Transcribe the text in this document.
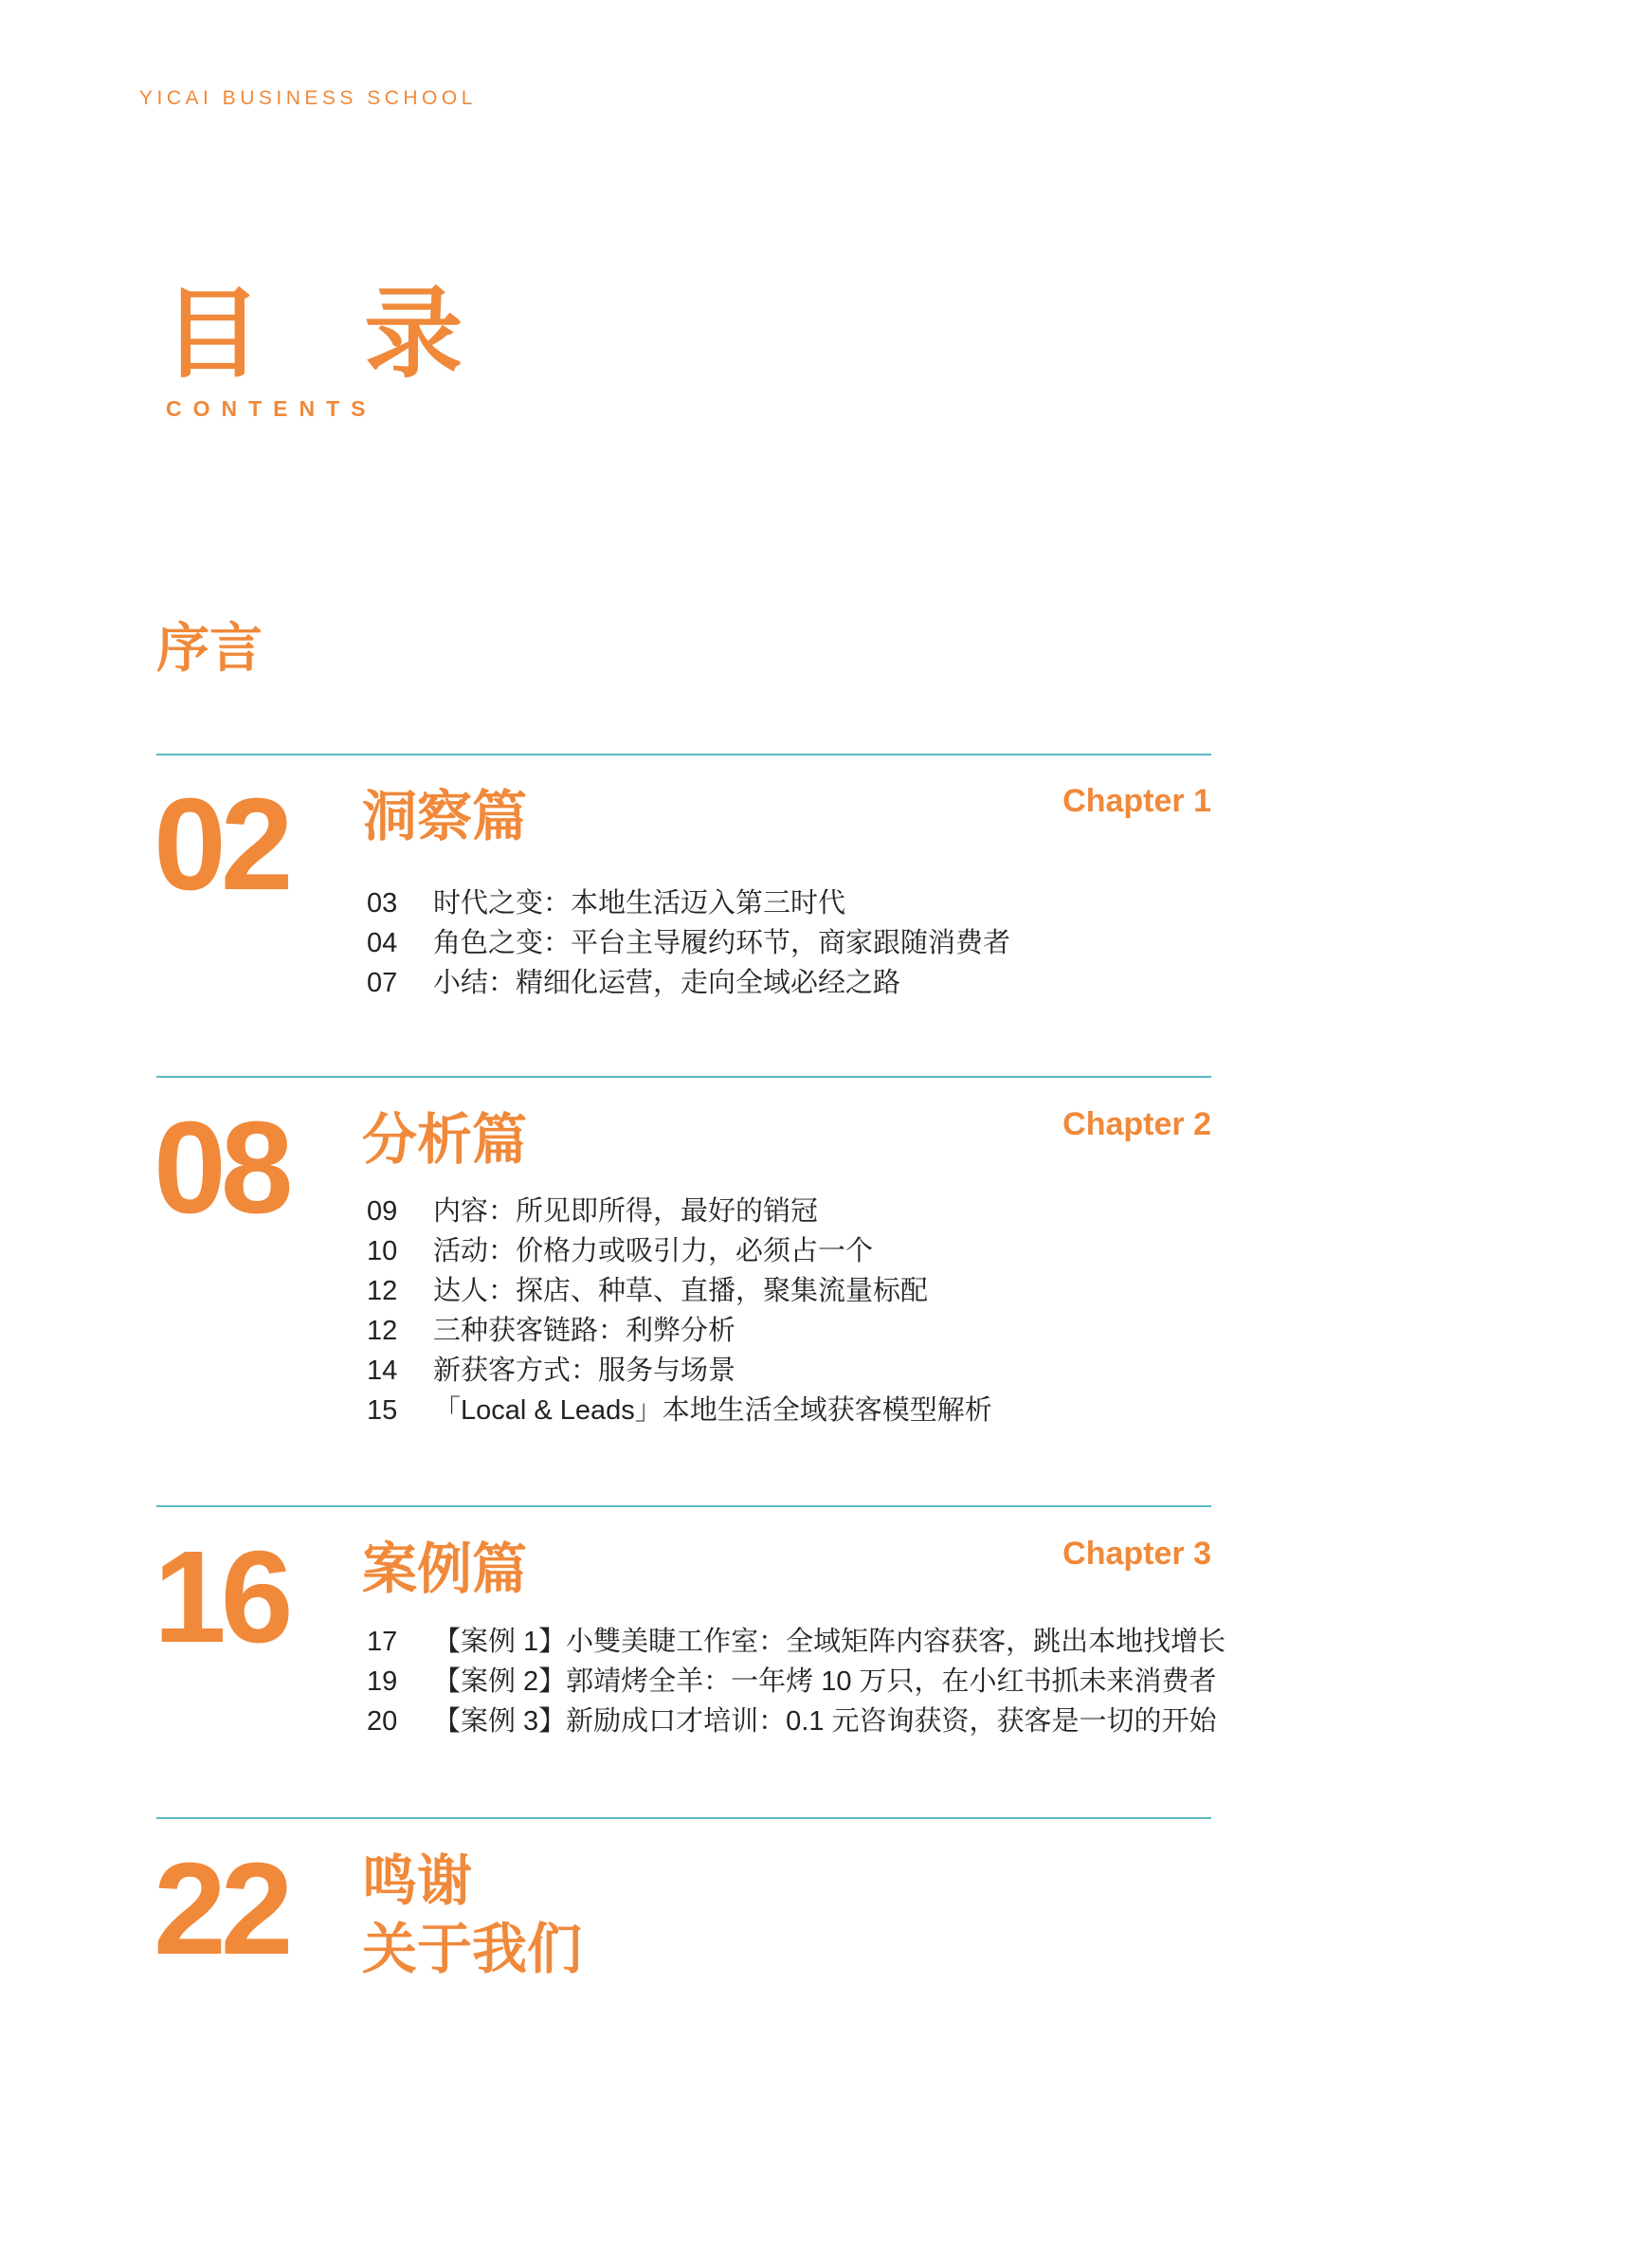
YICAI BUSINESS SCHOOL
目 录
CONTENTS
序言
02 洞察篇	Chapter 1
03	时代之变：本地生活迈入第三时代
04	角色之变：平台主导履约环节，商家跟随消费者
07	小结：精细化运营，走向全域必经之路
08 分析篇	Chapter 2
09	内容：所见即所得，最好的销冠
10	活动：价格力或吸引力，必须占一个
12	达人：探店、种草、直播，聚集流量标配
12	三种获客链路：利弊分析
14	新获客方式：服务与场景
15	「Local & Leads」本地生活全域获客模型解析
16 案例篇	Chapter 3
17	【案例 1】小雙美睫工作室：全域矩阵内容获客，跳出本地找增长
19	【案例 2】郭靖烤全羊：一年烤 10 万只，在小红书抓未来消费者
20	【案例 3】新励成口才培训：0.1 元咨询获资，获客是一切的开始
22 鸣谢
关于我们
